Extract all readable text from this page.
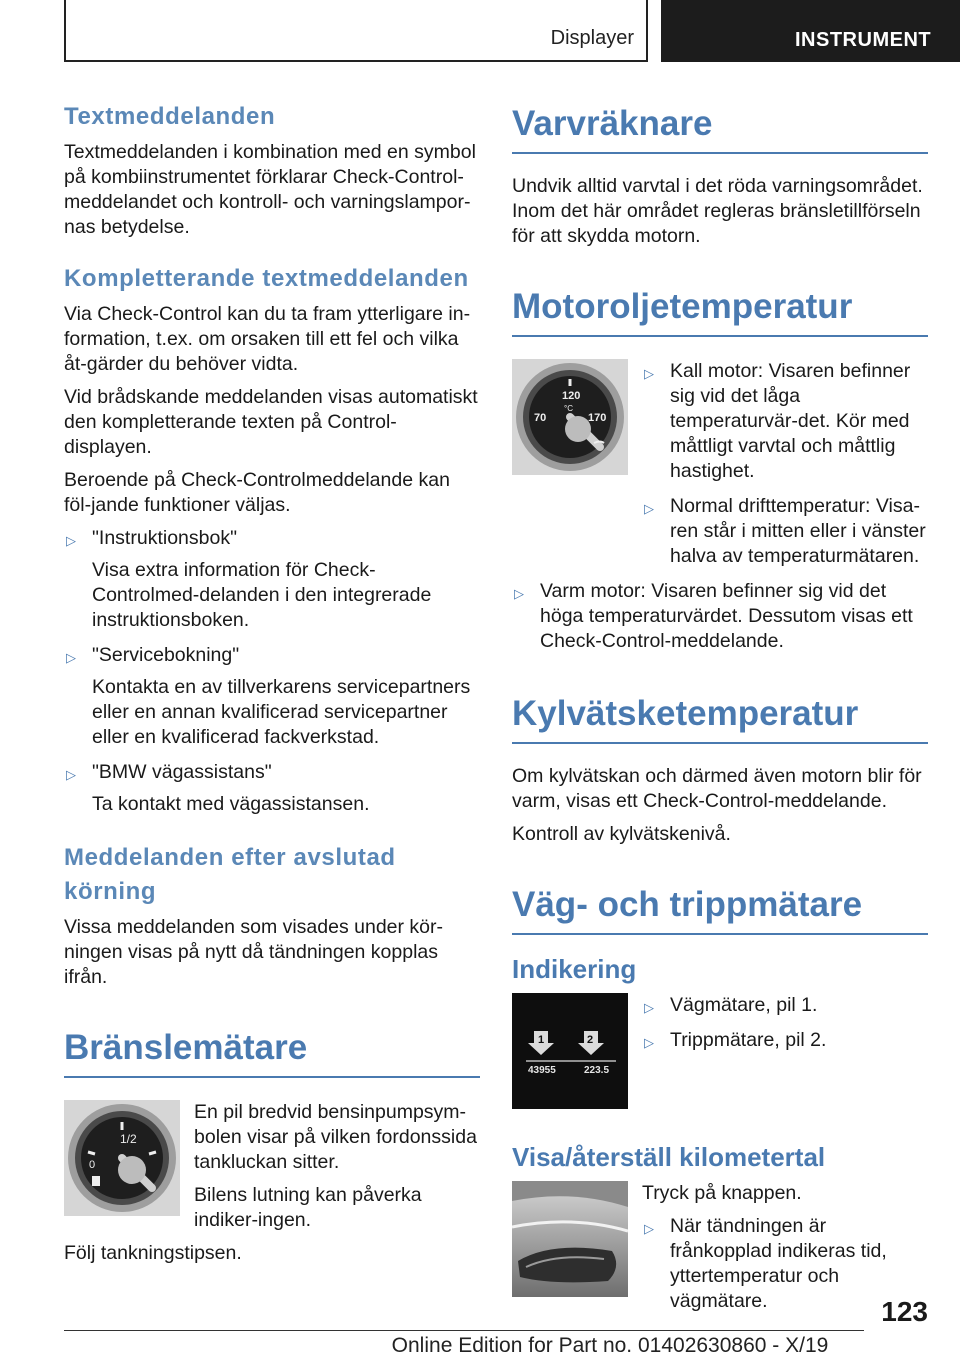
Displayer	INSTRUMENT
Textmeddelanden

Textmeddelanden i kombination med en symbol på kombiinstrumentet förklarar Check-Control-meddelandet och kontroll- och varningslampor-nas betydelse.

Kompletterande textmeddelanden

Via Check-Control kan du ta fram ytterligare in-formation, t.ex. om orsaken till ett fel och vilka åt-gärder du behöver vidta.

Vid brådskande meddelanden visas automatiskt den kompletterande texten på Control-displayen.

Beroende på Check-Controlmeddelande kan föl-jande funktioner väljas.

▷ "Instruktionsbok"
Visa extra information för Check-Controlmed-delanden i den integrerade instruktionsboken.
▷ "Servicebokning"
Kontakta en av tillverkarens servicepartners eller en annan kvalificerad servicepartner eller en kvalificerad fackverkstad.
▷ "BMW vägassistans"
Ta kontakt med vägassistansen.
Meddelanden efter avslutad körning

Vissa meddelanden som visades under kör-ningen visas på nytt då tändningen kopplas ifrån.

Bränslemätare
1/2
0

En pil bredvid bensinpumpsym-bolen visar på vilken fordonssida tankluckan sitter.

Bilens lutning kan påverka indiker-ingen.

Följ tankningstipsen.

Varvräknare

Undvik alltid varvtal i det röda varningsområdet. Inom det här området regleras bränsletillförseln för att skydda motorn.

Motoroljetemperatur
120
°C
70	170
▷ Kall motor: Visaren befinner sig vid det låga temperaturvär-det. Kör med måttligt varvtal och måttlig hastighet.
▷ Normal drifttemperatur: Visa-ren står i mitten eller i vänster halva av temperaturmätaren.
▷ Varm motor: Visaren befinner sig vid det höga temperaturvärdet. Dessutom visas ett Check-Control-meddelande.
Kylvätsketemperatur

Om kylvätskan och därmed även motorn blir för varm, visas ett Check-Control-meddelande.

Kontroll av kylvätskenivå.

Väg- och trippmätare
Indikering
1	2
43955	223.5
▷ Vägmätare, pil 1.
▷ Trippmätare, pil 2.
Visa/återställ kilometertal

Tryck på knappen.

▷ När tändningen är frånkopplad indikeras tid, yttertemperatur och vägmätare.	123
Online Edition for Part no. 01402630860 - X/19
